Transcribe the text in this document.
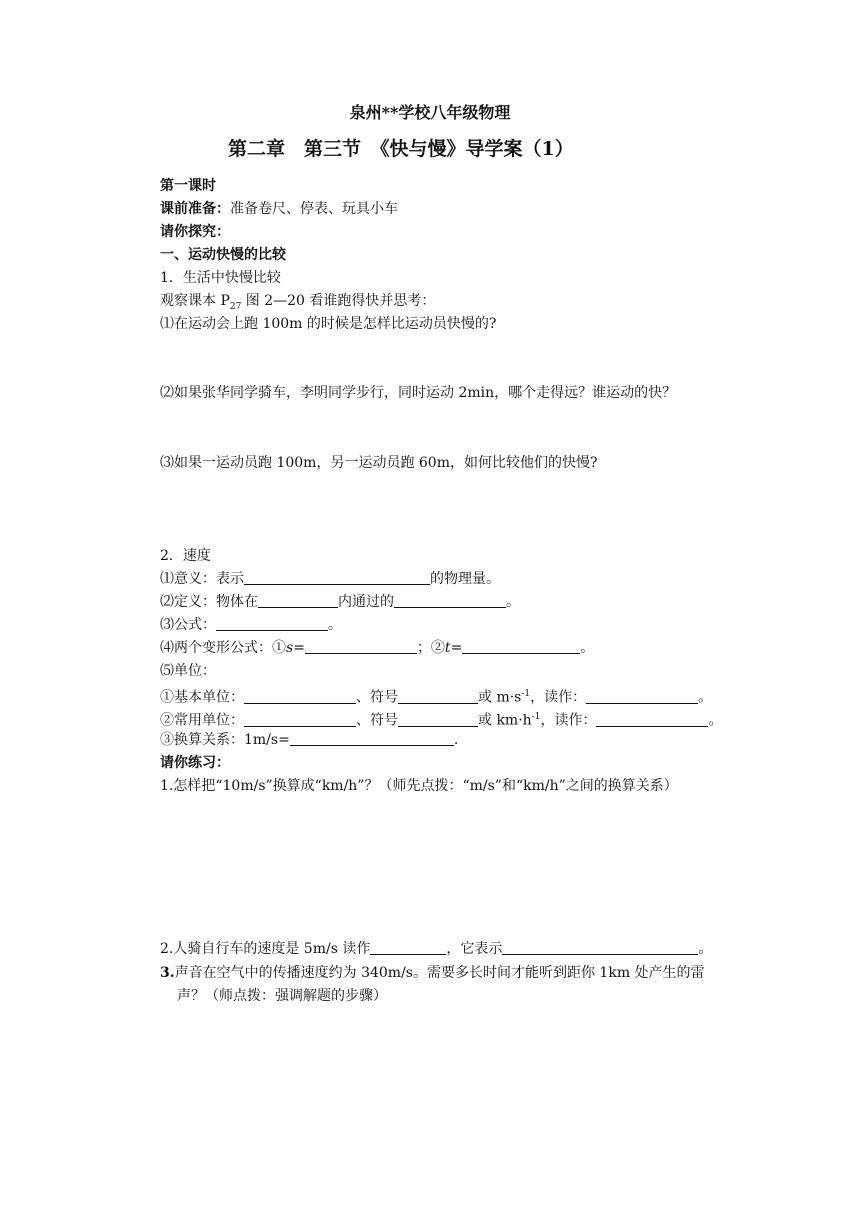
泉州**学校八年级物理
第二章　第三节　《快与慢》导学案（1）
第一课时
课前准备：准备卷尺、停表、玩具小车
请你探究：
一、运动快慢的比较
1．生活中快慢比较
观察课本 $P_{27}$ 图 2—20 看谁跑得快并思考：
⑴在运动会上跑 100m 的时候是怎样比运动员快慢的?
⑵如果张华同学骑车，李明同学步行，同时运动 2min，哪个走得远？谁运动的快？
⑶如果一运动员跑 100m，另一运动员跑 60m，如何比较他们的快慢?
2．速度
⑴意义：表示	的物理量。
⑵定义：物体在	内通过的	。
⑶公式：	。
⑷两个变形公式：①s=	；②t=	。
⑸单位：
①基本单位：	、符号	或 $m\cdot s^{-1}$，读作：	。
②常用单位：	、符号	或 $km\cdot h^{-1}$，读作：	。
③换算关系：1m/s=	.
请你练习：
1.怎样把“10m/s”换算成“km/h”？（师先点拨：“m/s”和“km/h”之间的换算关系）
2.人骑自行车的速度是 5m/s 读作	，它表示	。
3.声音在空气中的传播速度约为 340m/s。需要多长时间才能听到距你 1km 处产生的雷
声？（师点拨：强调解题的步骤）
